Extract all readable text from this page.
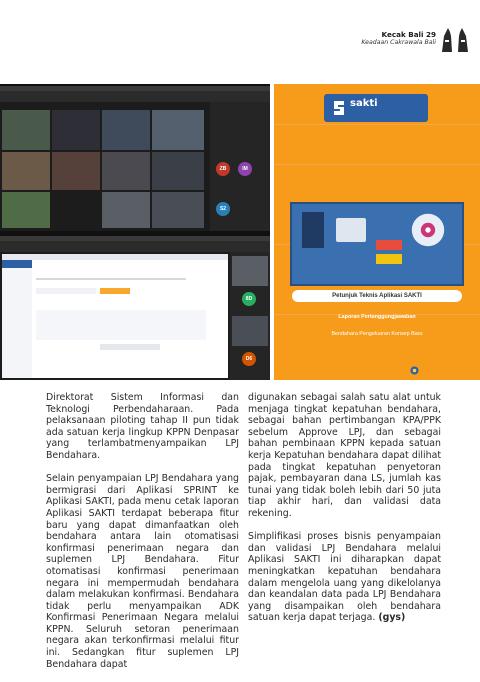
Kecak Bali 29
Keadaan Cakrawala Bali
ZB	IM
S2
8D
D6
sakti
Petunjuk Teknis Aplikasi SAKTI
Laporan Pertanggungjawaban
Bendahara Pengeluaran Konsep Baru

Direktorat Sistem Informasi dan Teknologi Perbendaharaan. Pada pelaksanaan piloting tahap II pun tidak ada satuan kerja lingkup KPPN Denpasar yang terlambatmenyampaikan LPJ Bendahara.

Selain penyampaian LPJ Bendahara yang bermigrasi dari Aplikasi SPRINT ke Aplikasi SAKTI, pada menu cetak laporan Aplikasi SAKTI terdapat beberapa fitur baru yang dapat dimanfaatkan oleh bendahara antara lain otomatisasi konfirmasi penerimaan negara dan suplemen LPJ Bendahara. Fitur otomatisasi konfirmasi penerimaan negara ini mempermudah bendahara dalam melakukan konfirmasi. Bendahara tidak perlu menyampaikan ADK Konfirmasi Penerimaan Negara melalui KPPN. Seluruh setoran penerimaan negara akan terkonfirmasi melalui fitur ini. Sedangkan fitur suplemen LPJ Bendahara dapat

digunakan sebagai salah satu alat untuk menjaga tingkat kepatuhan bendahara, sebagai bahan pertimbangan KPA/PPK sebelum Approve LPJ, dan sebagai bahan pembinaan KPPN kepada satuan kerja Kepatuhan bendahara dapat dilihat pada tingkat kepatuhan penyetoran pajak, pembayaran dana LS, jumlah kas tunai yang tidak boleh lebih dari 50 juta tiap akhir hari, dan validasi data rekening.

Simplifikasi proses bisnis penyampaian dan validasi LPJ Bendahara melalui Aplikasi SAKTI ini diharapkan dapat meningkatkan kepatuhan bendahara dalam mengelola uang yang dikelolanya dan keandalan data pada LPJ Bendahara yang disampaikan oleh bendahara satuan kerja dapat terjaga. (gys)
